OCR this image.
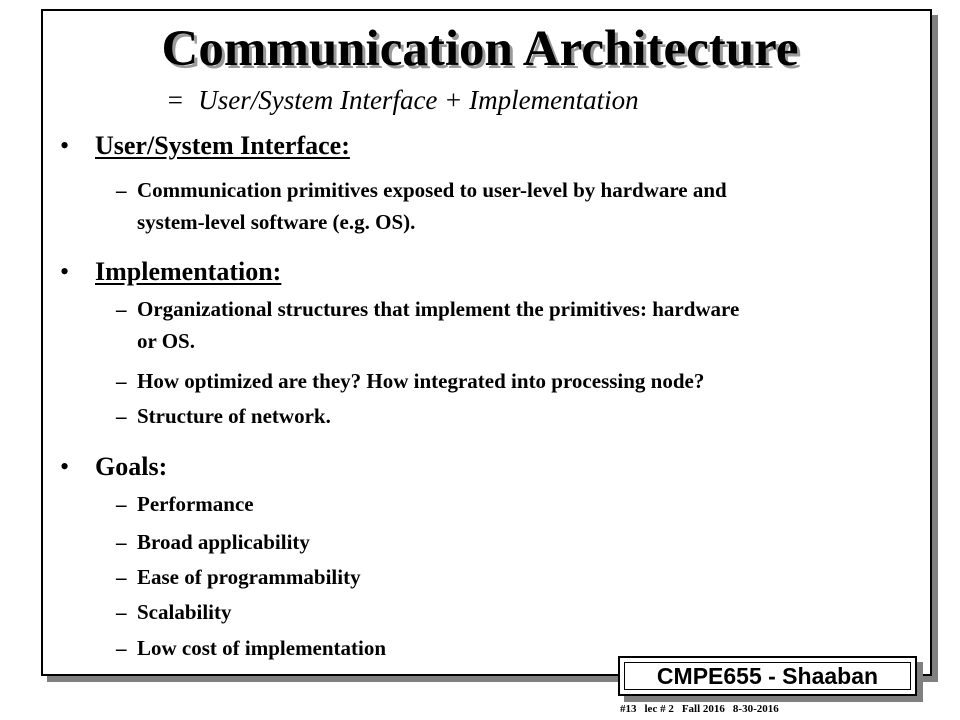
Communication Architecture
= User/System Interface + Implementation
• User/System Interface:
– Communication primitives exposed to user-level by hardware and
system-level software (e.g. OS).
• Implementation:
– Organizational structures that implement the primitives: hardware
or OS.
– How optimized are they? How integrated into processing node?
– Structure of network.
• Goals:
– Performance
– Broad applicability
– Ease of programmability
– Scalability
– Low cost of implementation
CMPE655 - Shaaban
#13 lec # 2 Fall 2016 8-30-2016
